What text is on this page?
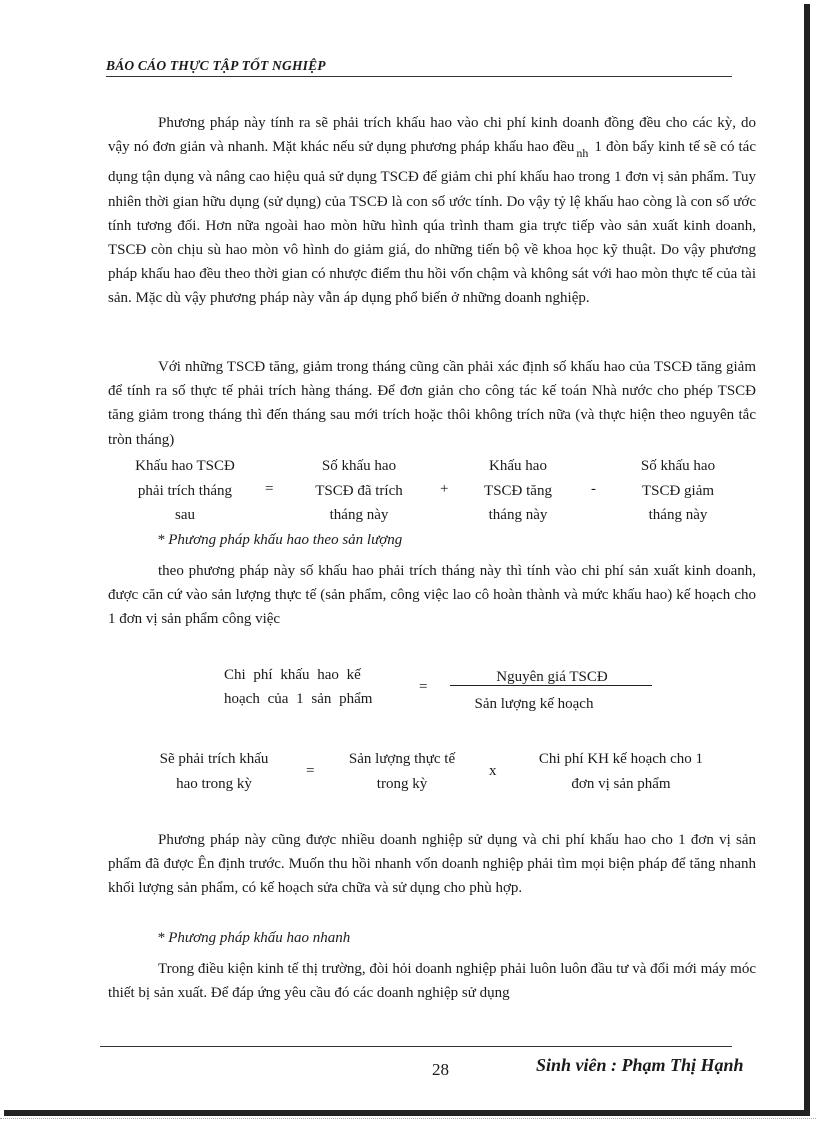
BÁO CÁO THỰC TẬP TỐT NGHIỆP
Phương pháp này tính ra sẽ phải trích khấu hao vào chi phí kinh doanh đồng đều cho các kỳ, do vậy nó đơn giản và nhanh. Mặt khác nếu sử dụng phương pháp khấu hao đều $_{nh}$ 1 đòn bẩy kinh tế sẽ có tác dụng tận dụng và nâng cao hiệu quả sử dụng TSCĐ để giảm chi phí khấu hao trong 1 đơn vị sản phẩm. Tuy nhiên thời gian hữu dụng (sử dụng) của TSCĐ là con số ước tính. Do vậy tỷ lệ khấu hao còng là con số ước tính tương đối. Hơn nữa ngoài hao mòn hữu hình qúa trình tham gia trực tiếp vào sản xuất kinh doanh, TSCĐ còn chịu sù hao mòn vô hình do giảm giá, do những tiến bộ về khoa học kỹ thuật. Do vậy phương pháp khấu hao đều theo thời gian có nhược điểm thu hồi vốn chậm và không sát với hao mòn thực tế của tài sản. Mặc dù vậy phương pháp này vẫn áp dụng phổ biến ở những doanh nghiệp.
Với những TSCĐ tăng, giảm trong tháng cũng cần phải xác định số khấu hao của TSCĐ tăng giảm để tính ra số thực tế phải trích hàng tháng. Để đơn giản cho công tác kế toán Nhà nước cho phép TSCĐ tăng giảm trong tháng thì đến tháng sau mới trích hoặc thôi không trích nữa (và thực hiện theo nguyên tắc tròn tháng)
Khấu hao TSCĐ
phải trích tháng
sau
=
Số khấu hao
TSCĐ đã trích
tháng này
+
Khấu hao
TSCĐ tăng
tháng này
-
Số khấu hao
TSCĐ giảm
tháng này
* Phương pháp khấu hao theo sản lượng
theo phương pháp này số khấu hao phải trích tháng này thì tính vào chi phí sản xuất kinh doanh, được căn cứ vào sản lượng thực tế (sản phẩm, công việc lao cô hoàn thành và mức khấu hao) kế hoạch cho 1 đơn vị sản phẩm công việc
Chi phí khấu hao kế
hoạch của 1 sản phẩm
=
Nguyên giá TSCĐ
Sản lượng kế hoạch
Sẽ phải trích khấu
hao trong kỳ
=
Sản lượng thực tế
trong kỳ
x
Chi phí KH kế hoạch cho 1
đơn vị sản phẩm
Phương pháp này cũng được nhiều doanh nghiệp sử dụng và chi phí khấu hao cho 1 đơn vị sản phẩm đã được Ên định trước. Muốn thu hồi nhanh vốn doanh nghiệp phải tìm mọi biện pháp để tăng nhanh khối lượng sản phẩm, có kế hoạch sửa chữa và sử dụng cho phù hợp.
* Phương pháp khấu hao nhanh
Trong điều kiện kinh tế thị trường, đòi hỏi doanh nghiệp phải luôn luôn đầu tư và đổi mới máy móc thiết bị sản xuất. Để đáp ứng yêu cầu đó các doanh nghiệp sử dụng
28	Sinh viên : Phạm Thị Hạnh
